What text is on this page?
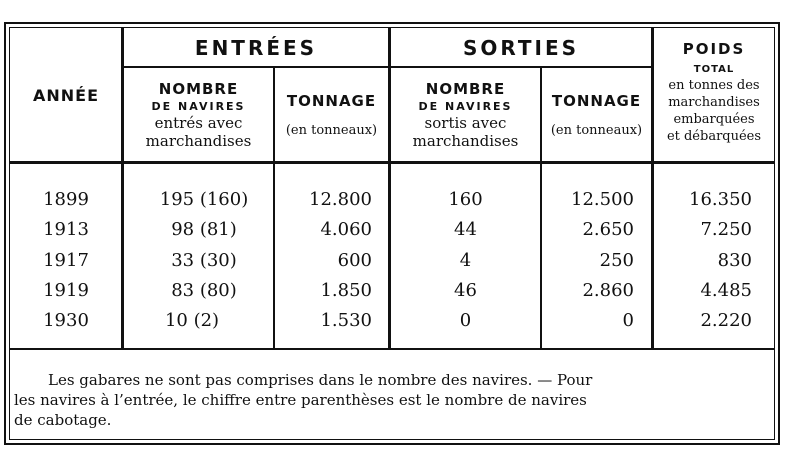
ANNÉE
ENTRÉES	SORTIES
NOMBRE
DE NAVIRES
entrés avec
marchandises
TONNAGE
(en tonneaux)
NOMBRE
DE NAVIRES
sortis avec
marchandises
TONNAGE
(en tonneaux)
POIDS
TOTAL
en tonnes des
marchandises
embarquées
et débarquées
1899	195 (160)	12.800	160	12.500	16.350
1913	98 (81)	4.060	44	2.650	7.250
1917	33 (30)	600	4	250	830
1919	83 (80)	1.850	46	2.860	4.485
1930	10 (2)	1.530	0	0	2.220
Les gabares ne sont pas comprises dans le nombre des navires. — Pour
les navires à l’entrée, le chiffre entre parenthèses est le nombre de navires
de cabotage.
